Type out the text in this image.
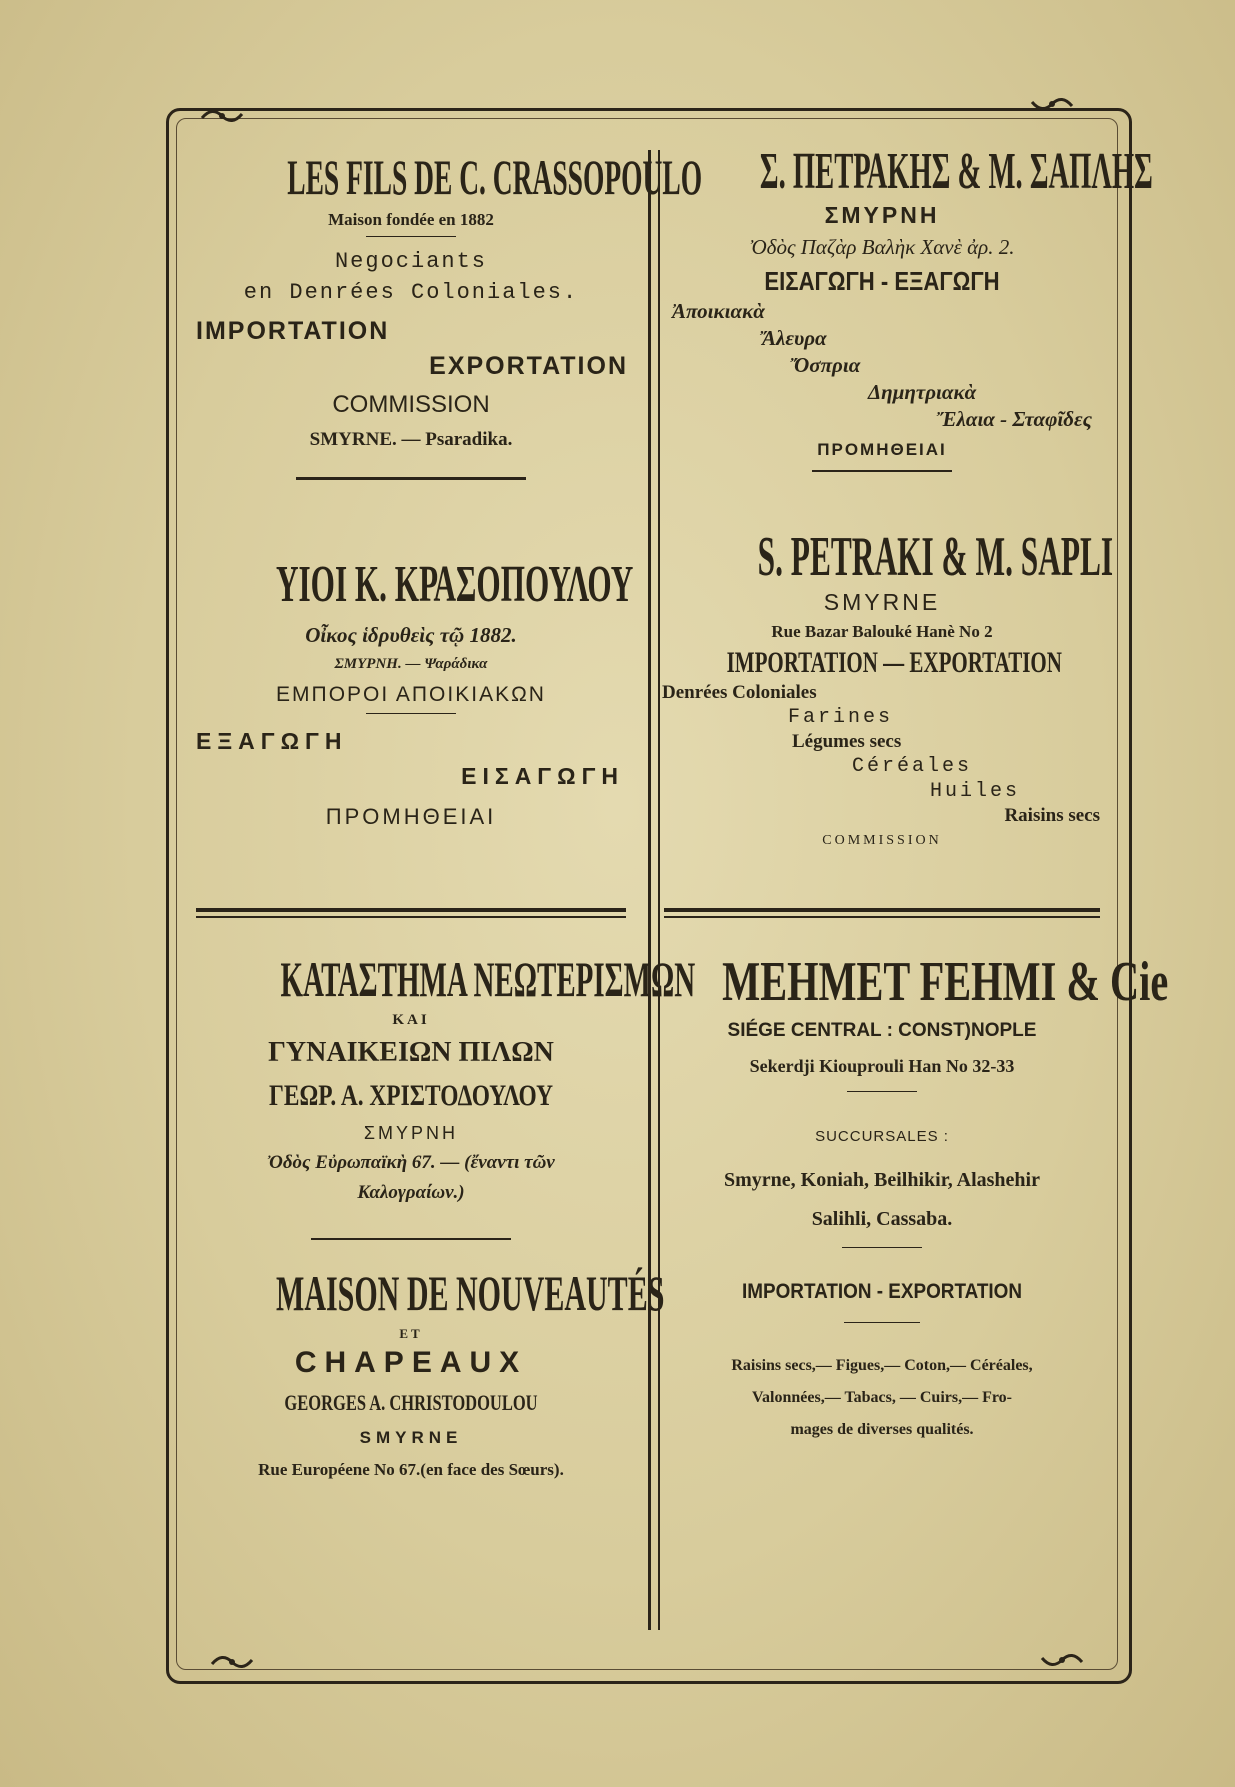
LES FILS DE C. CRASSOPOULO
Maison fondée en 1882
Negociants
en Denrées Coloniales.
IMPORTATION
EXPORTATION
COMMISSION
SMYRNE. — Psaradika.
ΥΙΟΙ Κ. ΚΡΑΣΟΠΟΥΛΟΥ
Οἶκος ἱδρυθεὶς τῷ 1882.
ΣΜΥΡΝΗ. — Ψαράδικα
ΕΜΠΟΡΟΙ ΑΠΟΙΚΙΑΚΩΝ
ΕΞΑΓΩΓΗ
ΕΙΣΑΓΩΓΗ
ΠΡΟΜΗΘΕΙΑΙ
Σ. ΠΕΤΡΑΚΗΣ & Μ. ΣΑΠΛΗΣ
ΣΜΥΡΝΗ
Ὀδὸς Παζὰρ Βαλὴκ Χανὲ ἀρ. 2.
ΕΙΣΑΓΩΓΗ - ΕΞΑΓΩΓΗ
Ἀποικιακὰ
Ἄλευρα
Ὄσπρια
Δημητριακὰ
Ἔλαια - Σταφῖδες
ΠΡΟΜΗΘΕΙΑΙ
S. PETRAKI & M. SAPLI
SMYRNE
Rue Bazar Balouké Hanè No 2
IMPORTATION — EXPORTATION
Denrées Coloniales
Farines
Légumes secs
Céréales
Huiles
Raisins secs
COMMISSION
ΚΑΤΑΣΤΗΜΑ ΝΕΩΤΕΡΙΣΜΩΝ
ΚΑΙ
ΓΥΝΑΙΚΕΙΩΝ ΠΙΛΩΝ
ΓΕΩΡ. Α. ΧΡΙΣΤΟΔΟΥΛΟΥ
ΣΜΥΡΝΗ
Ὀδὸς Εὐρωπαϊκὴ 67. — (ἔναντι τῶν
Καλογραίων.)
MAISON DE NOUVEAUTÉS
ET
CHAPEAUX
GEORGES A. CHRISTODOULOU
SMYRNE
Rue Européene No 67.(en face des Sœurs).
MEHMET FEHMI & Cie
SIÉGE CENTRAL : CONST)NOPLE
Sekerdji Kiouprouli Han No 32-33
SUCCURSALES :
Smyrne, Koniah, Beilhikir, Alashehir
Salihli, Cassaba.
IMPORTATION - EXPORTATION
Raisins secs,— Figues,— Coton,— Céréales,
Valonnées,— Tabacs, — Cuirs,— Fro-
mages de diverses qualités.
